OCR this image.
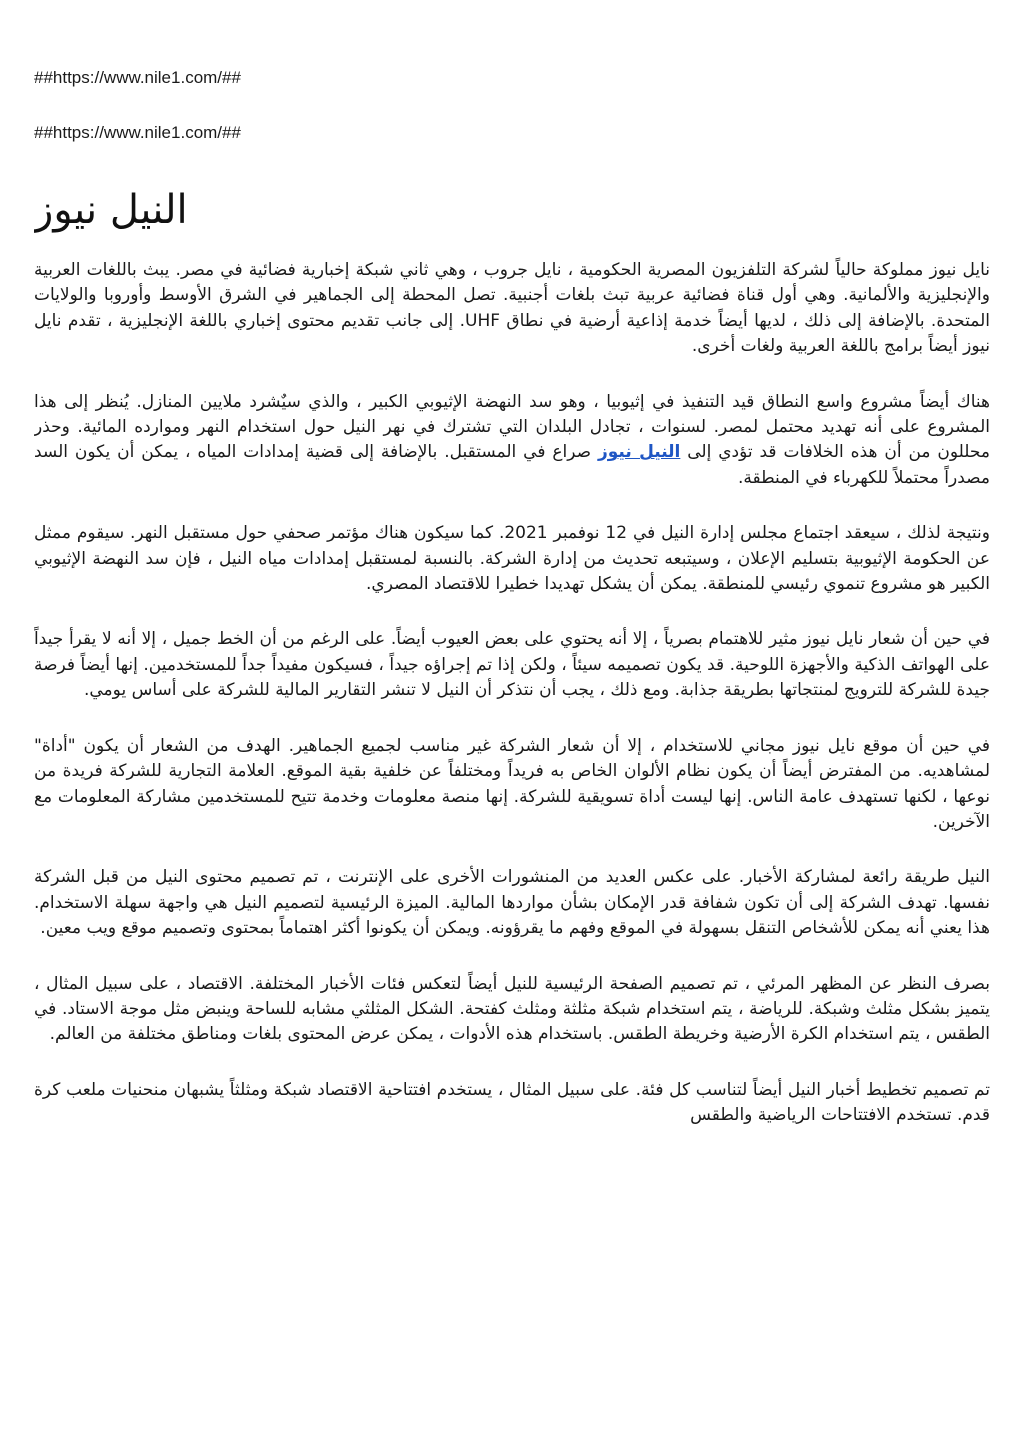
##https://www.nile1.com/##
##https://www.nile1.com/##
النيل نيوز

نايل نيوز مملوكة حالياً لشركة التلفزيون المصرية الحكومية ، نايل جروب ، وهي ثاني شبكة إخبارية فضائية في مصر. يبث باللغات العربية والإنجليزية والألمانية. وهي أول قناة فضائية عربية تبث بلغات أجنبية. تصل المحطة إلى الجماهير في الشرق الأوسط وأوروبا والولايات المتحدة. بالإضافة إلى ذلك ، لديها أيضاً خدمة إذاعية أرضية في نطاق UHF. إلى جانب تقديم محتوى إخباري باللغة الإنجليزية ، تقدم نايل نيوز أيضاً برامج باللغة العربية ولغات أخرى.

هناك أيضاً مشروع واسع النطاق قيد التنفيذ في إثيوبيا ، وهو سد النهضة الإثيوبي الكبير ، والذي سيٌشرد ملايين المنازل. يُنظر إلى هذا المشروع على أنه تهديد محتمل لمصر. لسنوات ، تجادل البلدان التي تشترك في نهر النيل حول استخدام النهر وموارده المائية. وحذر محللون من أن هذه الخلافات قد تؤدي إلى النيل نيوز صراع في المستقبل. بالإضافة إلى قضية إمدادات المياه ، يمكن أن يكون السد مصدراً محتملاً للكهرباء في المنطقة.

ونتيجة لذلك ، سيعقد اجتماع مجلس إدارة النيل في 12 نوفمبر 2021. كما سيكون هناك مؤتمر صحفي حول مستقبل النهر. سيقوم ممثل عن الحكومة الإثيوبية بتسليم الإعلان ، وسيتبعه تحديث من إدارة الشركة. بالنسبة لمستقبل إمدادات مياه النيل ، فإن سد النهضة الإثيوبي الكبير هو مشروع تنموي رئيسي للمنطقة. يمكن أن يشكل تهديدا خطيرا للاقتصاد المصري.

في حين أن شعار نايل نيوز مثير للاهتمام بصرياً ، إلا أنه يحتوي على بعض العيوب أيضاً. على الرغم من أن الخط جميل ، إلا أنه لا يقرأ جيداً على الهواتف الذكية والأجهزة اللوحية. قد يكون تصميمه سيئاً ، ولكن إذا تم إجراؤه جيداً ، فسيكون مفيداً جداً للمستخدمين. إنها أيضاً فرصة جيدة للشركة للترويج لمنتجاتها بطريقة جذابة. ومع ذلك ، يجب أن نتذكر أن النيل لا تنشر التقارير المالية للشركة على أساس يومي.

في حين أن موقع نايل نيوز مجاني للاستخدام ، إلا أن شعار الشركة غير مناسب لجميع الجماهير. الهدف من الشعار أن يكون "أداة" لمشاهديه. من المفترض أيضاً أن يكون نظام الألوان الخاص به فريداً ومختلفاً عن خلفية بقية الموقع. العلامة التجارية للشركة فريدة من نوعها ، لكنها تستهدف عامة الناس. إنها ليست أداة تسويقية للشركة. إنها منصة معلومات وخدمة تتيح للمستخدمين مشاركة المعلومات مع الآخرين.

النيل طريقة رائعة لمشاركة الأخبار. على عكس العديد من المنشورات الأخرى على الإنترنت ، تم تصميم محتوى النيل من قبل الشركة نفسها. تهدف الشركة إلى أن تكون شفافة قدر الإمكان بشأن مواردها المالية. الميزة الرئيسية لتصميم النيل هي واجهة سهلة الاستخدام. هذا يعني أنه يمكن للأشخاص التنقل بسهولة في الموقع وفهم ما يقرؤونه. ويمكن أن يكونوا أكثر اهتماماً بمحتوى وتصميم موقع ويب معين.

بصرف النظر عن المظهر المرئي ، تم تصميم الصفحة الرئيسية للنيل أيضاً لتعكس فئات الأخبار المختلفة. الاقتصاد ، على سبيل المثال ، يتميز بشكل مثلث وشبكة. للرياضة ، يتم استخدام شبكة مثلثة ومثلث كفتحة. الشكل المثلثي مشابه للساحة وينبض مثل موجة الاستاد. في الطقس ، يتم استخدام الكرة الأرضية وخريطة الطقس. باستخدام هذه الأدوات ، يمكن عرض المحتوى بلغات ومناطق مختلفة من العالم.

تم تصميم تخطيط أخبار النيل أيضاً لتناسب كل فئة. على سبيل المثال ، يستخدم افتتاحية الاقتصاد شبكة ومثلثاً يشبهان منحنيات ملعب كرة قدم. تستخدم الافتتاحات الرياضية والطقس
